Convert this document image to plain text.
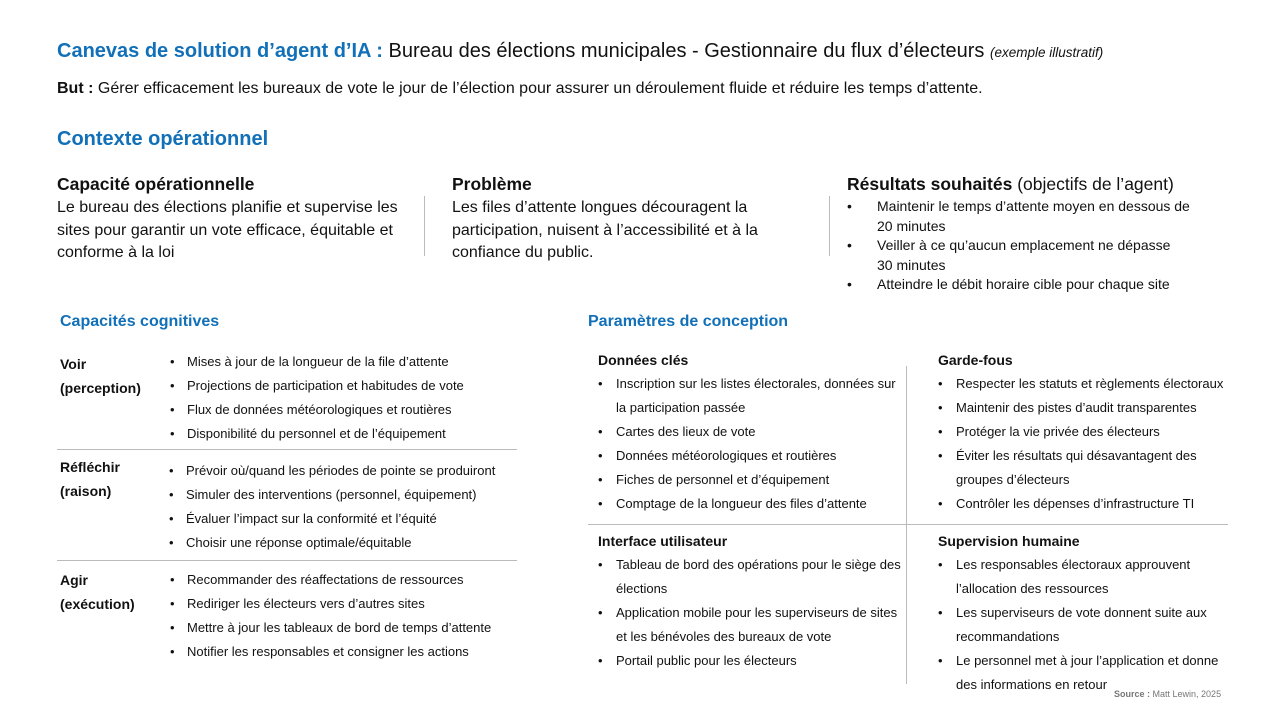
Canevas de solution d’agent d’IA : Bureau des élections municipales - Gestionnaire du flux d’électeurs (exemple illustratif)
But : Gérer efficacement les bureaux de vote le jour de l’élection pour assurer un déroulement fluide et réduire les temps d’attente.
Contexte opérationnel
Capacité opérationnelle
Le bureau des élections planifie et supervise les sites pour garantir un vote efficace, équitable et conforme à la loi
Problème
Les files d’attente longues découragent la participation, nuisent à l’accessibilité et à la confiance du public.
Résultats souhaités (objectifs de l’agent)
• Maintenir le temps d’attente moyen en dessous de 20 minutes
• Veiller à ce qu’aucun emplacement ne dépasse 30 minutes
• Atteindre le débit horaire cible pour chaque site
Capacités cognitives
Voir
(perception)
• Mises à jour de la longueur de la file d’attente
• Projections de participation et habitudes de vote
• Flux de données météorologiques et routières
• Disponibilité du personnel et de l’équipement
Réfléchir
(raison)
• Prévoir où/quand les périodes de pointe se produiront
• Simuler des interventions (personnel, équipement)
• Évaluer l’impact sur la conformité et l’équité
• Choisir une réponse optimale/équitable
Agir
(exécution)
• Recommander des réaffectations de ressources
• Rediriger les électeurs vers d’autres sites
• Mettre à jour les tableaux de bord de temps d’attente
• Notifier les responsables et consigner les actions
Paramètres de conception
Données clés
• Inscription sur les listes électorales, données sur la participation passée
• Cartes des lieux de vote
• Données météorologiques et routières
• Fiches de personnel et d’équipement
• Comptage de la longueur des files d’attente
Garde-fous
• Respecter les statuts et règlements électoraux
• Maintenir des pistes d’audit transparentes
• Protéger la vie privée des électeurs
• Éviter les résultats qui désavantagent des groupes d’électeurs
• Contrôler les dépenses d’infrastructure TI
Interface utilisateur
• Tableau de bord des opérations pour le siège des élections
• Application mobile pour les superviseurs de sites et les bénévoles des bureaux de vote
• Portail public pour les électeurs
Supervision humaine
• Les responsables électoraux approuvent l’allocation des ressources
• Les superviseurs de vote donnent suite aux recommandations
• Le personnel met à jour l’application et donne des informations en retour
Source : Matt Lewin, 2025
